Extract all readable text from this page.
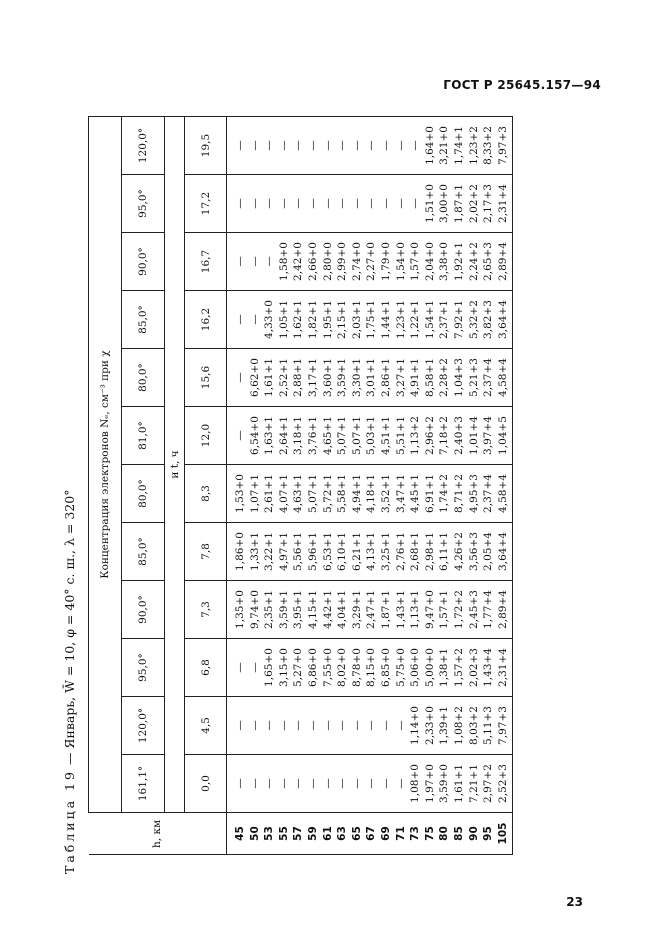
ГОСТ Р 25645.157—94
Таблица 19 — Январь, W̄ = 10, φ = 40° с. ш., λ = 320°
h, км	Концентрация электронов Nₑ, см⁻³ при χ											
	161,1°	120,0°	95,0°	90,0°	85,0°	80,0°	81,0°	80,0°	85,0°	90,0°	95,0°	120,0°
	и t, ч											
	0,0	4,5	6,8	7,3	7,8	8,3	12,0	15,6	16,2	16,7	17,2	19,5
45	—	—	—	1,35+0	1,86+0	1,53+0	—	—	—	—	—	—
50	—	—	—	9,74+0	1,33+1	1,07+1	6,54+0	6,62+0	—	—	—	—
53	—	—	1,65+0	2,35+1	3,22+1	2,61+1	1,63+1	1,61+1	4,33+0	—	—	—
55	—	—	3,15+0	3,59+1	4,97+1	4,07+1	2,64+1	2,52+1	1,05+1	1,58+0	—	—
57	—	—	5,27+0	3,95+1	5,56+1	4,63+1	3,18+1	2,88+1	1,62+1	2,42+0	—	—
59	—	—	6,86+0	4,15+1	5,96+1	5,07+1	3,76+1	3,17+1	1,82+1	2,66+0	—	—
61	—	—	7,55+0	4,42+1	6,53+1	5,72+1	4,65+1	3,60+1	1,95+1	2,80+0	—	—
63	—	—	8,02+0	4,04+1	6,10+1	5,58+1	5,07+1	3,59+1	2,15+1	2,99+0	—	—
65	—	—	8,78+0	3,29+1	6,21+1	4,94+1	5,07+1	3,30+1	2,03+1	2,74+0	—	—
67	—	—	8,15+0	2,47+1	4,13+1	4,18+1	5,03+1	3,01+1	1,75+1	2,27+0	—	—
69	—	—	6,85+0	1,87+1	3,25+1	3,52+1	4,51+1	2,86+1	1,44+1	1,79+0	—	—
71	—	—	5,75+0	1,43+1	2,76+1	3,47+1	5,51+1	3,27+1	1,23+1	1,54+0	—	—
73	1,08+0	1,14+0	5,06+0	1,13+1	2,68+1	4,45+1	1,13+2	4,91+1	1,22+1	1,57+0	—	—
75	1,97+0	2,33+0	5,00+0	9,47+0	2,98+1	6,91+1	2,96+2	8,58+1	1,54+1	2,04+0	1,51+0	1,64+0
80	3,59+0	1,39+1	1,38+1	1,57+1	6,11+1	1,74+2	7,18+2	2,28+2	2,37+1	3,38+0	3,00+0	3,21+0
85	1,61+1	1,08+2	1,57+2	1,72+2	4,26+2	8,71+2	2,40+3	1,04+3	7,92+1	1,92+1	1,87+1	1,74+1
90	7,21+1	8,03+2	2,02+3	2,45+3	3,56+3	4,95+3	1,01+4	5,21+3	5,32+2	2,24+2	2,02+2	1,23+2
95	2,97+2	5,11+3	1,43+4	1,77+4	2,05+4	2,37+4	3,97+4	2,37+4	3,82+3	2,65+3	2,17+3	8,33+2
105	2,52+3	7,97+3	2,31+4	2,89+4	3,64+4	4,58+4	1,04+5	4,58+4	3,64+4	2,89+4	2,31+4	7,97+3
23
